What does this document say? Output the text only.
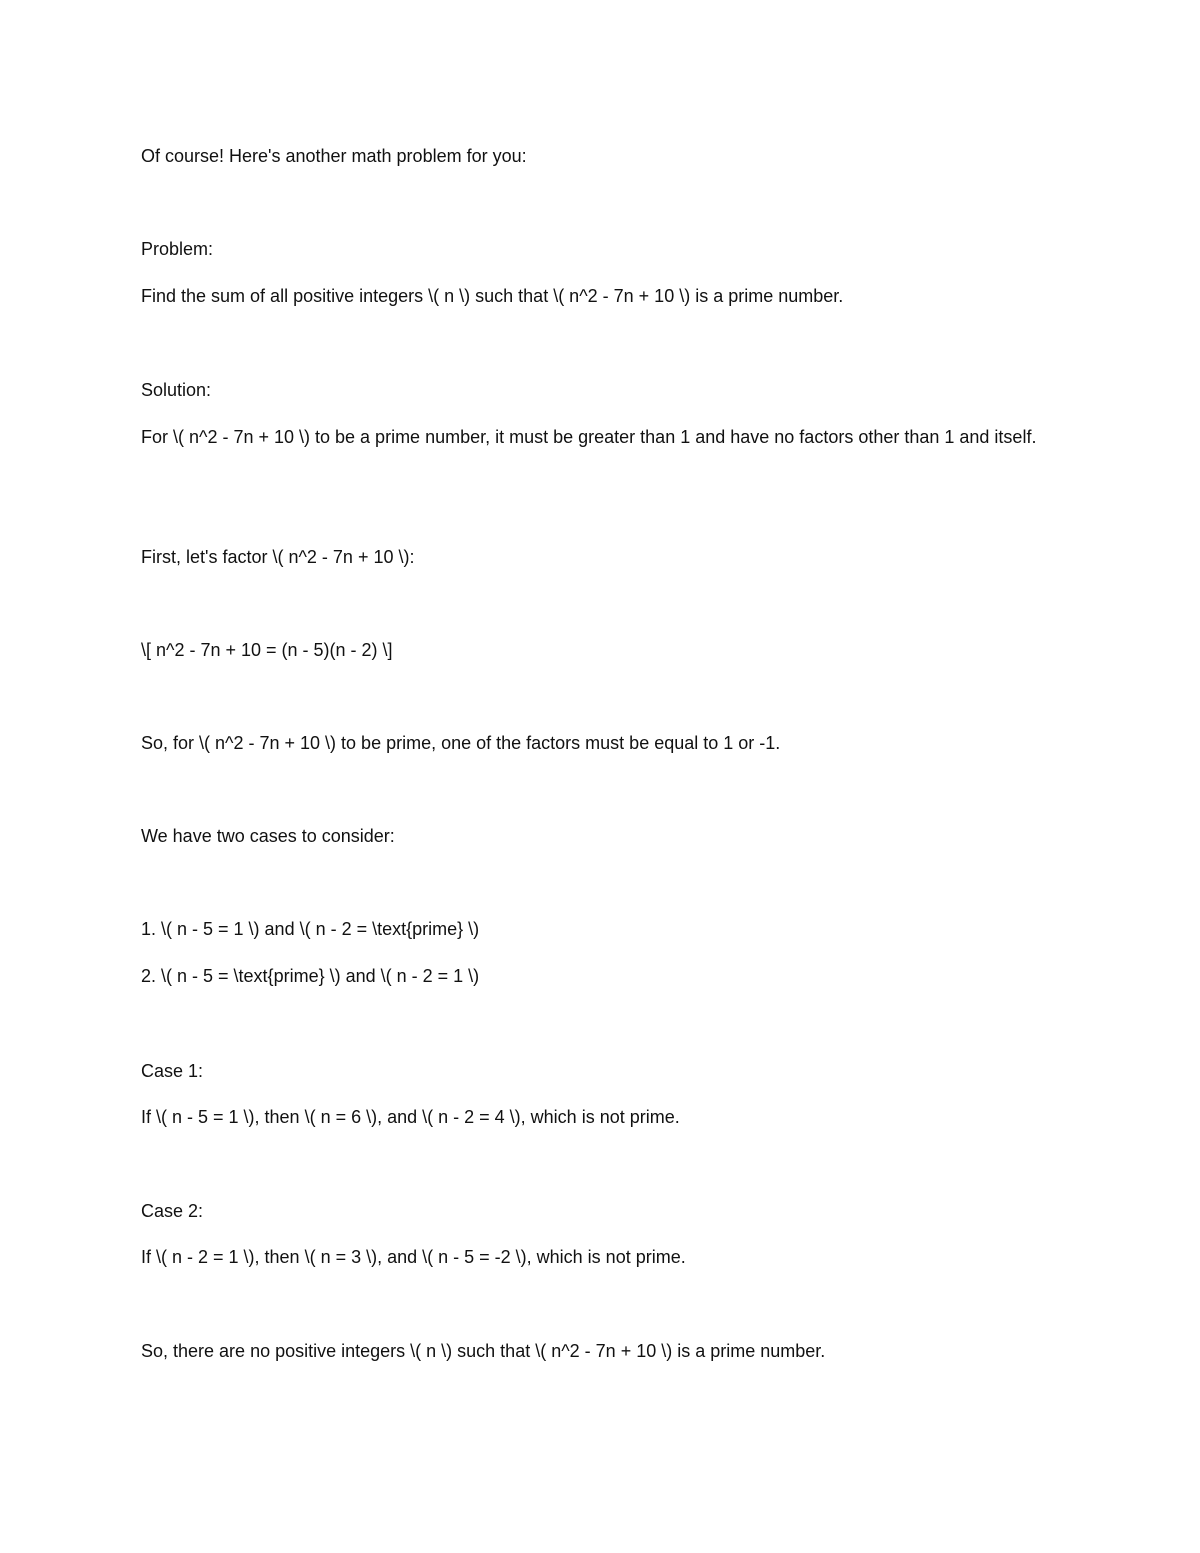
Of course! Here's another math problem for you:
Problem:
Find the sum of all positive integers \( n \) such that \( n^2 - 7n + 10 \) is a prime number.
Solution:
For \( n^2 - 7n + 10 \) to be a prime number, it must be greater than 1 and have no factors other than 1 and itself.
First, let's factor \( n^2 - 7n + 10 \):
\[ n^2 - 7n + 10 = (n - 5)(n - 2) \]
So, for \( n^2 - 7n + 10 \) to be prime, one of the factors must be equal to 1 or -1.
We have two cases to consider:
1. \( n - 5 = 1 \) and \( n - 2 = \text{prime} \)
2. \( n - 5 = \text{prime} \) and \( n - 2 = 1 \)
Case 1:
If \( n - 5 = 1 \), then \( n = 6 \), and \( n - 2 = 4 \), which is not prime.
Case 2:
If \( n - 2 = 1 \), then \( n = 3 \), and \( n - 5 = -2 \), which is not prime.
So, there are no positive integers \( n \) such that \( n^2 - 7n + 10 \) is a prime number.
